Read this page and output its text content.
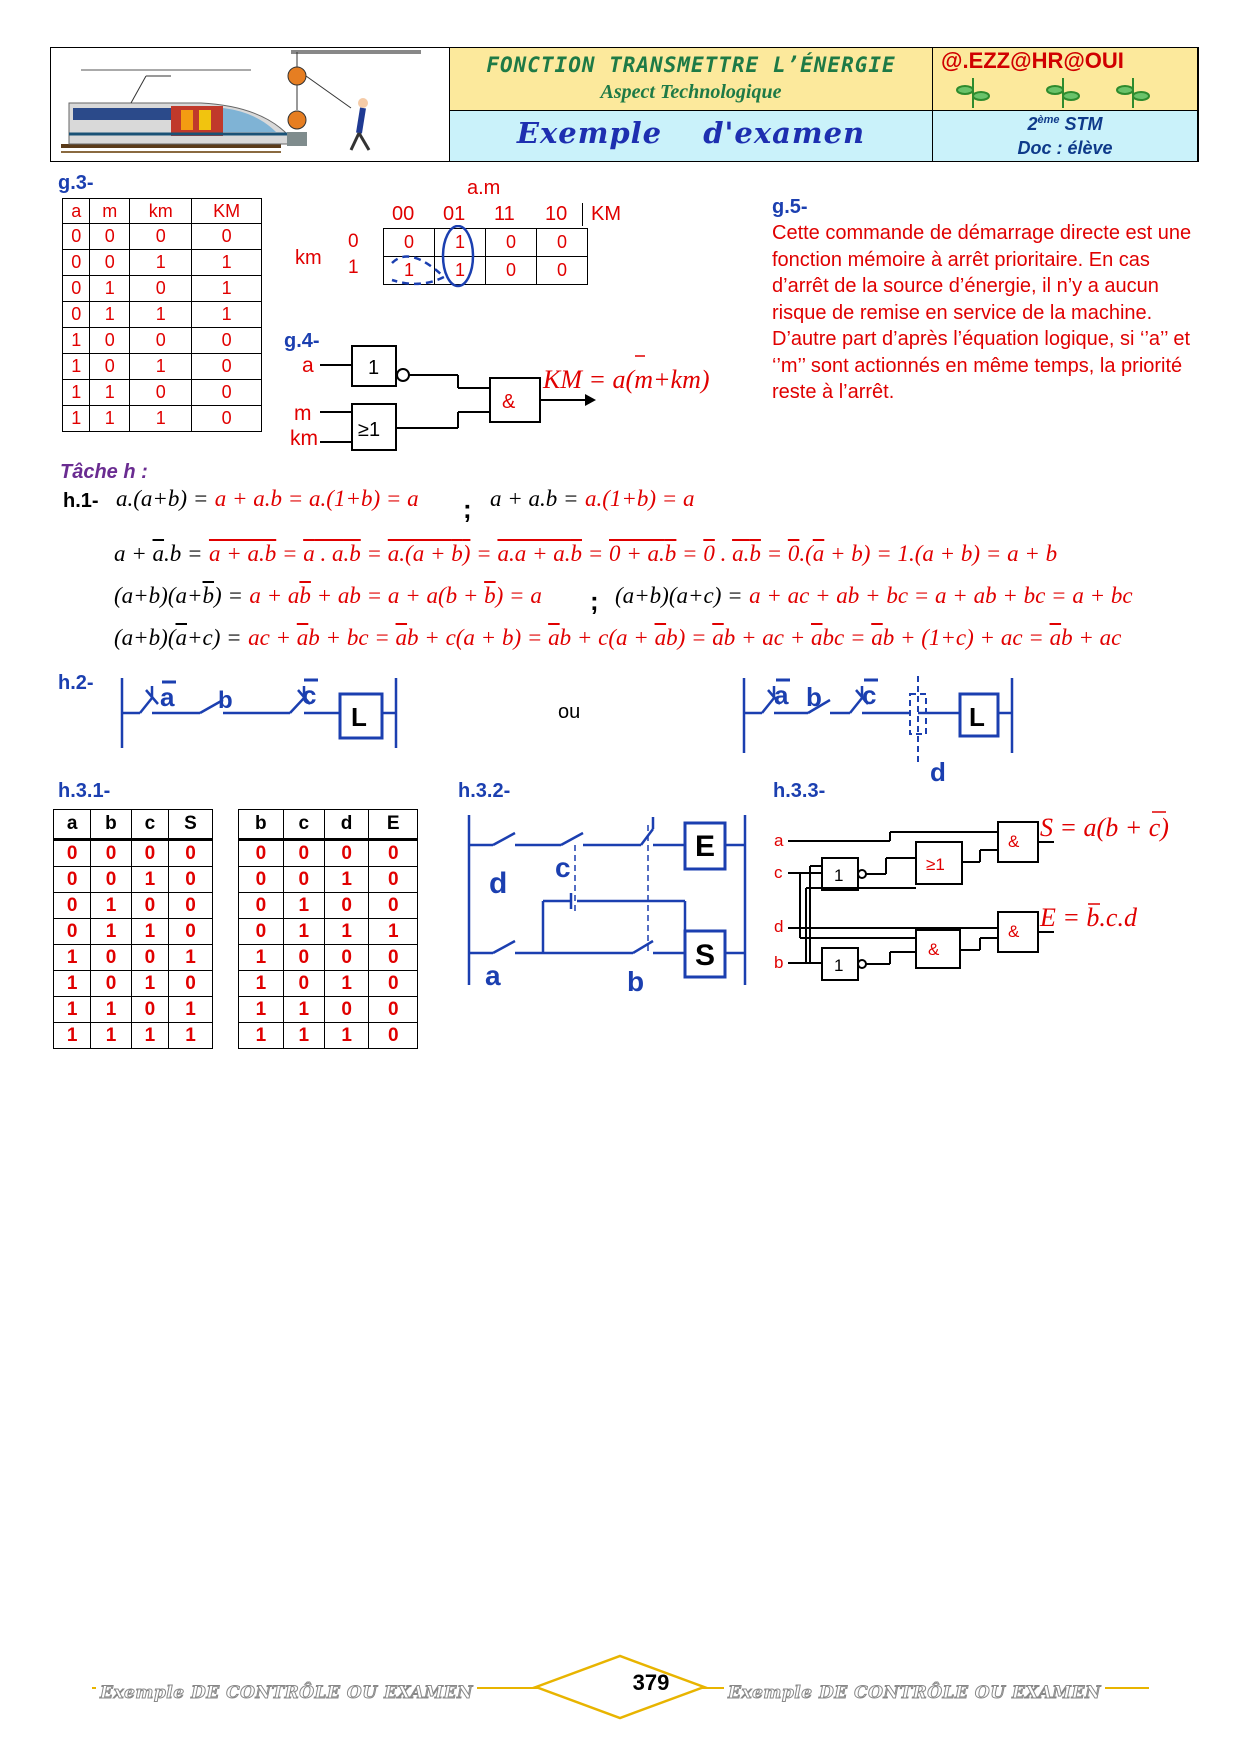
FONCTION TRANSMETTRE L’ÉNERGIE
Aspect Technologique
Exemple d'examen
@.EZZ@HR@OUI
2ème STM
Doc : élève
g.3-
a	m	km	KM
0	0	0	0
0	0	1	1
0	1	0	1
0	1	1	1
1	0	0	0
1	0	1	0
1	1	0	0
1	1	1	0
a.m
00 01 11 10	KM
km
0
1
0	1	0	0
1	1	0	0
g.4-
a
m
km
1
≥1
&
KM = a(m+km)
g.5-
Cette commande de démarrage directe est une fonction mémoire à arrêt prioritaire. En cas d’arrêt de la source d’énergie, il n’y a aucun risque de remise en service de la machine. D’autre part d’après l’équation logique, si ‘’a’’ et ‘’m’’ sont actionnés en même temps, la priorité reste à l’arrêt.
Tâche h :
h.1- a.(a+b) = a + a.b = a.(1+b) = a ; a + a.b = a.(1+b) = a
$a + \overline{a}.b = a + a.b = a$ . a.b = a.(a + b) = a.a + a.b = 0 + a.b = 0 . $a.b = 0.(\overline{a} + b) = 1.(a + b) = a + b$
$(a+b)(a+\overline{b}) = a + a\overline{b}$ + ab = $a + a(b + \overline{b}) = a$ ; (a+b)(a+c) = a + ac + ab + bc = a + ab + bc = a + bc
$(a+b)(\overline{a}+c)$ = ac + $\overline{a}b$ + bc = $\overline{a}b + c(a + b) = \overline{a}b + c(a + \overline{a}b) = \overline{a}b$ + ac + $\overline{a}bc = \overline{a}b + (1+c)$ + ac = $\overline{a}b$ + ac
h.2-	a b	c
L	ou
a b c
L
d
h.3.1-	h.3.2-	h.3.3-
a	b	c	S
0	0	0	0
0	0	1	0
0	1	0	0
0	1	1	0
1	0	0	1
1	0	1	0
1	1	0	1
1	1	1	1
b	c	d	E
0	0	0	0
0	0	1	0
0	1	0	0
0	1	1	1
1	0	0	0
1	0	1	0
1	1	0	0
1	1	1	0
E
S
d c
a	b
a
c
d
b
1
≥1
&
&
&
1
S = a(b + c)
E = b.c.d
379
Exemple DE CONTRÔLE OU EXAMEN	Exemple DE CONTRÔLE OU EXAMEN
